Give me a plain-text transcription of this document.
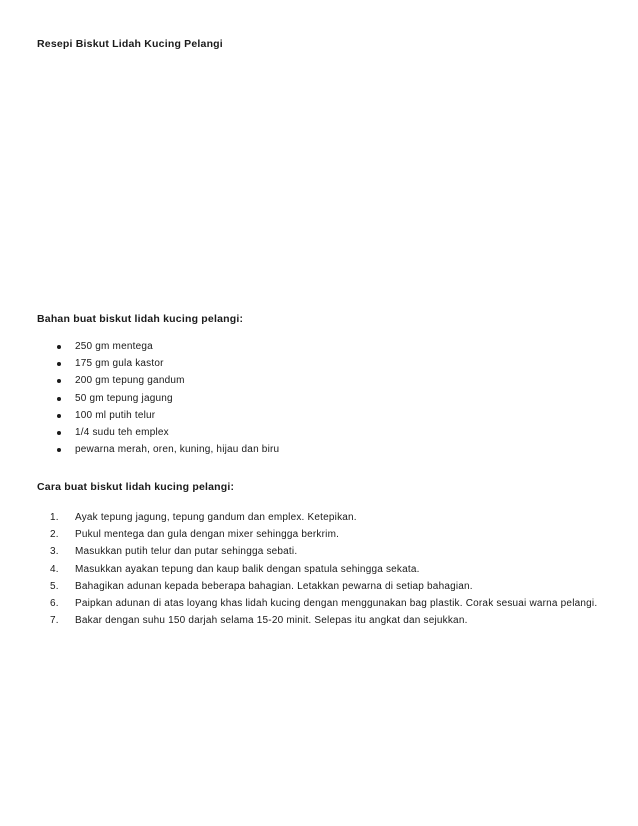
Resepi Biskut Lidah Kucing Pelangi
Bahan buat biskut lidah kucing pelangi:
250 gm mentega
175 gm gula kastor
200 gm tepung gandum
50 gm tepung jagung
100 ml putih telur
1/4 sudu teh emplex
pewarna merah, oren, kuning, hijau dan biru
Cara buat biskut lidah kucing pelangi:
1. Ayak tepung jagung, tepung gandum dan emplex. Ketepikan.
2. Pukul mentega dan gula dengan mixer sehingga berkrim.
3. Masukkan putih telur dan putar sehingga sebati.
4. Masukkan ayakan tepung dan kaup balik dengan spatula sehingga sekata.
5. Bahagikan adunan kepada beberapa bahagian. Letakkan pewarna di setiap bahagian.
6. Paipkan adunan di atas loyang khas lidah kucing dengan menggunakan bag plastik. Corak sesuai warna pelangi.
7. Bakar dengan suhu 150 darjah selama 15-20 minit. Selepas itu angkat dan sejukkan.
